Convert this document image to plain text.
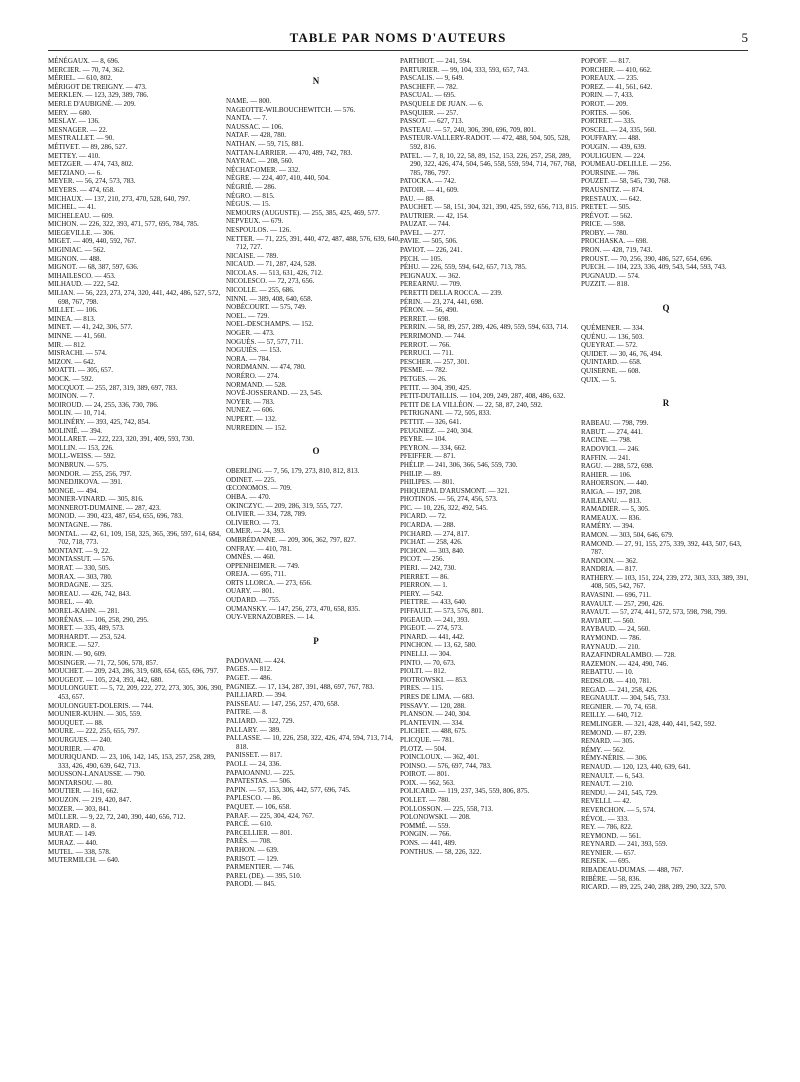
TABLE PAR NOMS D'AUTEURS	5
MÉNÉGAUX. — 8, 696.
MERCIER. — 70, 74, 362.
MÉRIEL. — 610, 802.
MÉRIGOT DE TREIGNY. — 473.
MERKLEN. — 123, 329, 389, 786.
MERLE D'AUBIGNÉ. — 209.
MERY. — 680.
MESLAY. — 136.
MESNAGER. — 22.
MESTRALLET. — 90.
MÉTIVET. — 89, 286, 527.
METTEY. — 410.
METZGER. — 474, 743, 802.
METZIANO. — 6.
MEYER. — 56, 274, 573, 783.
MEYERS. — 474, 658.
MICHAUX. — 137, 210, 273, 470, 528, 640, 797.
MICHEL. — 41.
MICHELEAU. — 609.
MICHON. — 226, 322, 393, 471, 577, 695, 784, 785.
MIEGEVILLE. — 306.
MIGET. — 409, 440, 592, 767.
MIGINIAC. — 562.
MIGNON. — 488.
MIGNOT. — 68, 387, 597, 636.
MIHAILESCO. — 453.
MILHAUD. — 222, 542.
MILIAN. — 56, 223, 273, 274, 320, 441, 442, 486, 527, 572, 698, 767, 798.
MILLET. — 106.
MINEA. — 813.
MINET. — 41, 242, 306, 577.
MINNE. — 41, 560.
MIR. — 812.
MISRACHI. — 574.
MIZON. — 642.
MOATTI. — 305, 657.
MOCK. — 592.
MOCQUOT. — 255, 287, 319, 389, 697, 783.
MOINON. — 7.
MOIROUD. — 24, 255, 336, 730, 786.
MOLIN. — 10, 714.
MOLINÉRY. — 393, 425, 742, 854.
MOLINIÉ. — 394.
MOLLARET. — 222, 223, 320, 391, 409, 593, 730.
MOLLIN. — 153, 226.
MOLL-WEISS. — 592.
MONBRUN. — 575.
MONDOR. — 255, 256, 797.
MONEDJIKOVA. — 391.
MONGE. — 494.
MONIER-VINARD. — 305, 816.
MONNEROT-DUMAINE. — 287, 423.
MONOD. — 390, 423, 487, 654, 655, 696, 783.
MONTAGNE. — 786.
MONTAL. — 42, 61, 109, 158, 325, 365, 396, 597, 614, 684, 702, 718, 773.
MONTANT. — 9, 22.
MONTASSUT. — 576.
MORAT. — 330, 505.
MORAX. — 303, 780.
MORDAGNE. — 325.
MOREAU. — 426, 742, 843.
MOREL. — 40.
MOREL-KAHN. — 281.
MORÉNAS. — 106, 258, 290, 295.
MORET. — 335, 489, 573.
MORHARDT. — 253, 524.
MORICE. — 527.
MORIN. — 90, 609.
MOSINGER. — 71, 72, 506, 578, 857.
MOUCHET. — 209, 243, 286, 319, 608, 654, 655, 696, 797.
MOUGEOT. — 105, 224, 393, 442, 680.
MOULONGUET. — 5, 72, 209, 222, 272, 273, 305, 306, 390, 453, 657.
MOULONGUET-DOLERIS. — 744.
MOUNIER-KUHN. — 305, 559.
MOUQUET. — 88.
MOURE. — 222, 255, 655, 797.
MOURGUES. — 240.
MOURIER. — 470.
MOURIQUAND. — 23, 106, 142, 145, 153, 257, 258, 289, 333, 426, 490, 639, 642, 713.
MOUSSON-LANAUSSE. — 790.
MONTARSOU. — 80.
MOUTIER. — 161, 662.
MOUZON. — 219, 420, 847.
MOZER. — 303, 841.
MÜLLER. — 9, 22, 72, 240, 390, 440, 656, 712.
MURARD. — 8.
MURAT. — 149.
MURAZ. — 440.
MUTEL. — 338, 578.
MUTERMILCH. — 640.
N
NAME. — 800.
NAGEOTTE-WILBOUCHEWITCH. — 576.
NANTA. — 7.
NAUSSAC. — 106.
NATAF. — 428, 780.
NATHAN. — 59, 715, 881.
NATTAN-LARRIER. — 470, 489, 742, 783.
NAYRAC. — 208, 560.
NÉCHAT-OMER. — 332.
NÈGRE. — 224, 407, 410, 440, 504.
NÉGRIÉ. — 286.
NÉGRO. — 815.
NÉGUS. — 15.
NEMOURS (AUGUSTE). — 255, 385, 425, 469, 577.
NEPVEUX. — 679.
NESPOULOS. — 126.
NETTER. — 71, 225, 391, 440, 472, 487, 488, 576, 639, 640, 712, 727.
NICAISE. — 789.
NICAUD. — 71, 287, 424, 528.
NICOLAS. — 513, 631, 426, 712.
NICOLESCO. — 72, 273, 656.
NICOLLE. — 255, 686.
NINNI. — 389, 408, 640, 658.
NOBÉCOURT. — 575, 749.
NOEL. — 729.
NOEL-DESCHAMPS. — 152.
NOGER. — 473.
NOGUÈS. — 57, 577, 711.
NOGUIÈS. — 153.
NORA. — 784.
NORDMANN. — 474, 780.
NORÉRO. — 274.
NORMAND. — 528.
NOVÉ-JOSSERAND. — 23, 545.
NOYER. — 783.
NUNEZ. — 606.
NUPERT. — 132.
NURREDIN. — 152.
O
OBERLING. — 7, 56, 179, 273, 810, 812, 813.
ODINET. — 225.
ŒCONOMOS. — 709.
OHBA. — 470.
OKINCZYC. — 209, 286, 319, 555, 727.
OLIVIER. — 334, 728, 789.
OLIVIERO. — 73.
OLMER. — 24, 393.
OMBRÉDANNE. — 209, 306, 362, 797, 827.
ONFRAY. — 410, 781.
OMNÈS. — 460.
OPPENHEIMER. — 749.
OREJA. — 695, 711.
ORTS LLORCA. — 273, 656.
OUARY. — 801.
OUDARD. — 755.
OUMANSKY. — 147, 256, 273, 470, 658, 835.
OUY-VERNAZOBRES. — 14.
P
PADOVANI. — 424.
PAGES. — 812.
PAGET. — 486.
PAGNIEZ. — 17, 134, 287, 391, 488, 697, 767, 783.
PAILLIARD. — 394.
PAISSEAU. — 147, 256, 257, 470, 658.
PAITRE. — 8.
PALIARD. — 322, 729.
PALLARY. — 389.
PALLASSE. — 10, 226, 258, 322, 426, 474, 594, 713, 714, 818.
PANISSET. — 817.
PAOLI. — 24, 336.
PAPAIOANNU. — 225.
PAPATESTAS. — 506.
PAPIN. — 57, 153, 306, 442, 577, 696, 745.
PAPLESCO. — 86.
PAQUET. — 106, 658.
PARAF. — 225, 304, 424, 767.
PARCÉ. — 610.
PARCELLIER. — 801.
PARÈS. — 708.
PARHON. — 639.
PARISOT. — 129.
PARMENTIER. — 746.
PAREL (DE). — 395, 510.
PARODI. — 845.
PARTHIOT. — 241, 594.
PARTURIER. — 99, 104, 333, 593, 657, 743.
PASCALIS. — 9, 649.
PASCHEFF. — 782.
PASCUAL. — 695.
PASQUELE DE JUAN. — 6.
PASQUIER. — 257.
PASSOT. — 627, 713.
PASTEAU. — 57, 240, 306, 390, 696, 709, 801.
PASTEUR-VALLERY-RADOT. — 472, 488, 504, 505, 528, 592, 816.
PATEL. — 7, 8, 10, 22, 58, 89, 152, 153, 226, 257, 258, 289, 290, 322, 426, 474, 504, 546, 558, 559, 594, 714, 767, 768, 785, 786, 797.
PATOCKA. — 742.
PATOIR. — 41, 609.
PAU. — 88.
PAUCHET. — 58, 151, 304, 321, 390, 425, 592, 656, 713, 815.
PAUTRIER. — 42, 154.
PAUZAT. — 744.
PAVEL. — 277.
PAVIE. — 505, 506.
PAVIOT. — 226, 241.
PECH. — 105.
PÉHU. — 226, 559, 594, 642, 657, 713, 785.
PEIGNAUX. — 362.
PEREARNU. — 709.
PERETTI DELLA ROCCA. — 239.
PÉRIN. — 23, 274, 441, 698.
PÉRON. — 56, 490.
PERRET. — 698.
PERRIN. — 58, 89, 257, 289, 426, 489, 559, 594, 633, 714.
PERRIMOND. — 744.
PERROT. — 766.
PERRUCI. — 711.
PESCHER. — 257, 301.
PESME. — 782.
PETGES. — 26.
PETIT. — 304, 390, 425.
PETIT-DUTAILLIS. — 104, 209, 249, 287, 408, 486, 632.
PETIT DE LA VILLÉON. — 22, 58, 87, 240, 592.
PETRIGNANI. — 72, 505, 833.
PETTIT. — 326, 641.
PEUGNIEZ. — 240, 304.
PEYRE. — 104.
PEYRON. — 334, 662.
PFEIFFER. — 871.
PHÉLIP. — 241, 306, 366, 546, 559, 730.
PHILIP. — 89.
PHILIPES. — 801.
PHIQUEPAL D'ARUSMONT. — 321.
PHOTINOS. — 56, 274, 456, 573.
PIC. — 10, 226, 322, 492, 545.
PICARD. — 72.
PICARDA. — 288.
PICHARD. — 274, 817.
PICHAT. — 258, 426.
PICHON. — 303, 840.
PICOT. — 256.
PIERI. — 242, 730.
PIERRET. — 86.
PIERRON. — 1.
PIERY. — 542.
PIETTRE. — 433, 640.
PIFFAULT. — 573, 576, 801.
PIGEAUD. — 241, 393.
PIGEOT. — 274, 573.
PINARD. — 441, 442.
PINCHON. — 13, 62, 580.
PINELLI. — 304.
PINTO. — 70, 673.
PIOLTI. — 812.
PIOTROWSKI. — 853.
PIRES. — 115.
PIRES DE LIMA. — 683.
PISSAVY. — 120, 288.
PLANSON. — 240, 304.
PLANTEVIN. — 334.
PLICHET. — 488, 675.
PLICQUE. — 781.
PLOTZ. — 504.
POINCLOUX. — 362, 401.
POINSO. — 576, 697, 744, 783.
POIROT. — 801.
POIX. — 562, 563.
POLICARD. — 119, 237, 345, 559, 806, 875.
POLLET. — 780.
POLLOSSON. — 225, 558, 713.
POLONOWSKI. — 208.
POMMÉ. — 559.
PONGIN. — 766.
PONS. — 441, 489.
PONTHUS. — 58, 226, 322.
POPOFF. — 817.
PORCHER. — 410, 662.
POREAUX. — 235.
POREZ. — 41, 561, 642.
PORIN. — 7, 433.
POROT. — 209.
PORTES. — 506.
PORTRET. — 335.
POSCEL. — 24, 335, 560.
POUFFARY. — 488.
POUGIN. — 439, 639.
POULIGUEN. — 224.
POUMEAU-DELILLE. — 256.
POURSINE. — 786.
POUZET. — 58, 545, 730, 768.
PRAUSNITZ. — 874.
PRESTAUX. — 642.
PRETET. — 505.
PRÉVOT. — 562.
PRICE. — 598.
PROBY. — 780.
PROCHASKA. — 698.
PRON. — 428, 719, 743.
PROUST. — 70, 256, 390, 486, 527, 654, 696.
PUECH. — 104, 223, 336, 409, 543, 544, 593, 743.
PUGNAUD. — 574.
PUZZIT. — 818.
Q
QUÉMENER. — 334.
QUÉNU. — 136, 503.
QUEYRAT. — 572.
QUIDET. — 30, 46, 76, 494.
QUINTARD. — 658.
QUISERNE. — 608.
QUIX. — 5.
R
RABEAU. — 798, 799.
RABUT. — 274, 441.
RACINE. — 798.
RADOVICI. — 246.
RAFFIN. — 241.
RAGU. — 288, 572, 698.
RAHIER. — 106.
RAHOERSON. — 440.
RAIGA. — 197, 208.
RAILEANU. — 813.
RAMADIER. — 5, 305.
RAMEAUX. — 836.
RAMÉRY. — 394.
RAMON. — 303, 504, 646, 679.
RAMOND. — 27, 91, 155, 275, 339, 392, 443, 507, 643, 787.
RANDOIN. — 362.
RANDRIA. — 817.
RATHERY. — 103, 151, 224, 239, 272, 303, 333, 389, 391, 408, 505, 542, 767.
RAVASINI. — 696, 711.
RAVAULT. — 257, 290, 426.
RAVAUT. — 57, 274, 441, 572, 573, 598, 798, 799.
RAVIART. — 560.
RAYBAUD. — 24, 560.
RAYMOND. — 786.
RAYNAUD. — 210.
RAZAFINDRALAMBO. — 728.
RAZEMON. — 424, 490, 746.
REBATTU. — 10.
REDSLOB. — 410, 781.
REGAD. — 241, 258, 426.
REGNAULT. — 304, 545, 733.
REGNIER. — 70, 74, 658.
REILLY. — 640, 712.
REMLINGER. — 321, 428, 440, 441, 542, 592.
REMOND. — 87, 239.
RENARD. — 305.
RÉMY. — 562.
RÉMY-NÉRIS. — 306.
RENAUD. — 120, 123, 440, 639, 641.
RENAULT. — 6, 543.
RENAUT. — 210.
RENDU. — 241, 545, 729.
REVELLI. — 42.
REVERCHON. — 5, 574.
RÉVOL. — 333.
REY. — 786, 822.
REYMOND. — 561.
REYNARD. — 241, 393, 559.
REYNIER. — 657.
REJSEK. — 695.
RIBADEAU-DUMAS. — 488, 767.
RIBÈRE. — 58, 836.
RICARD. — 89, 225, 240, 288, 289, 290, 322, 570.
